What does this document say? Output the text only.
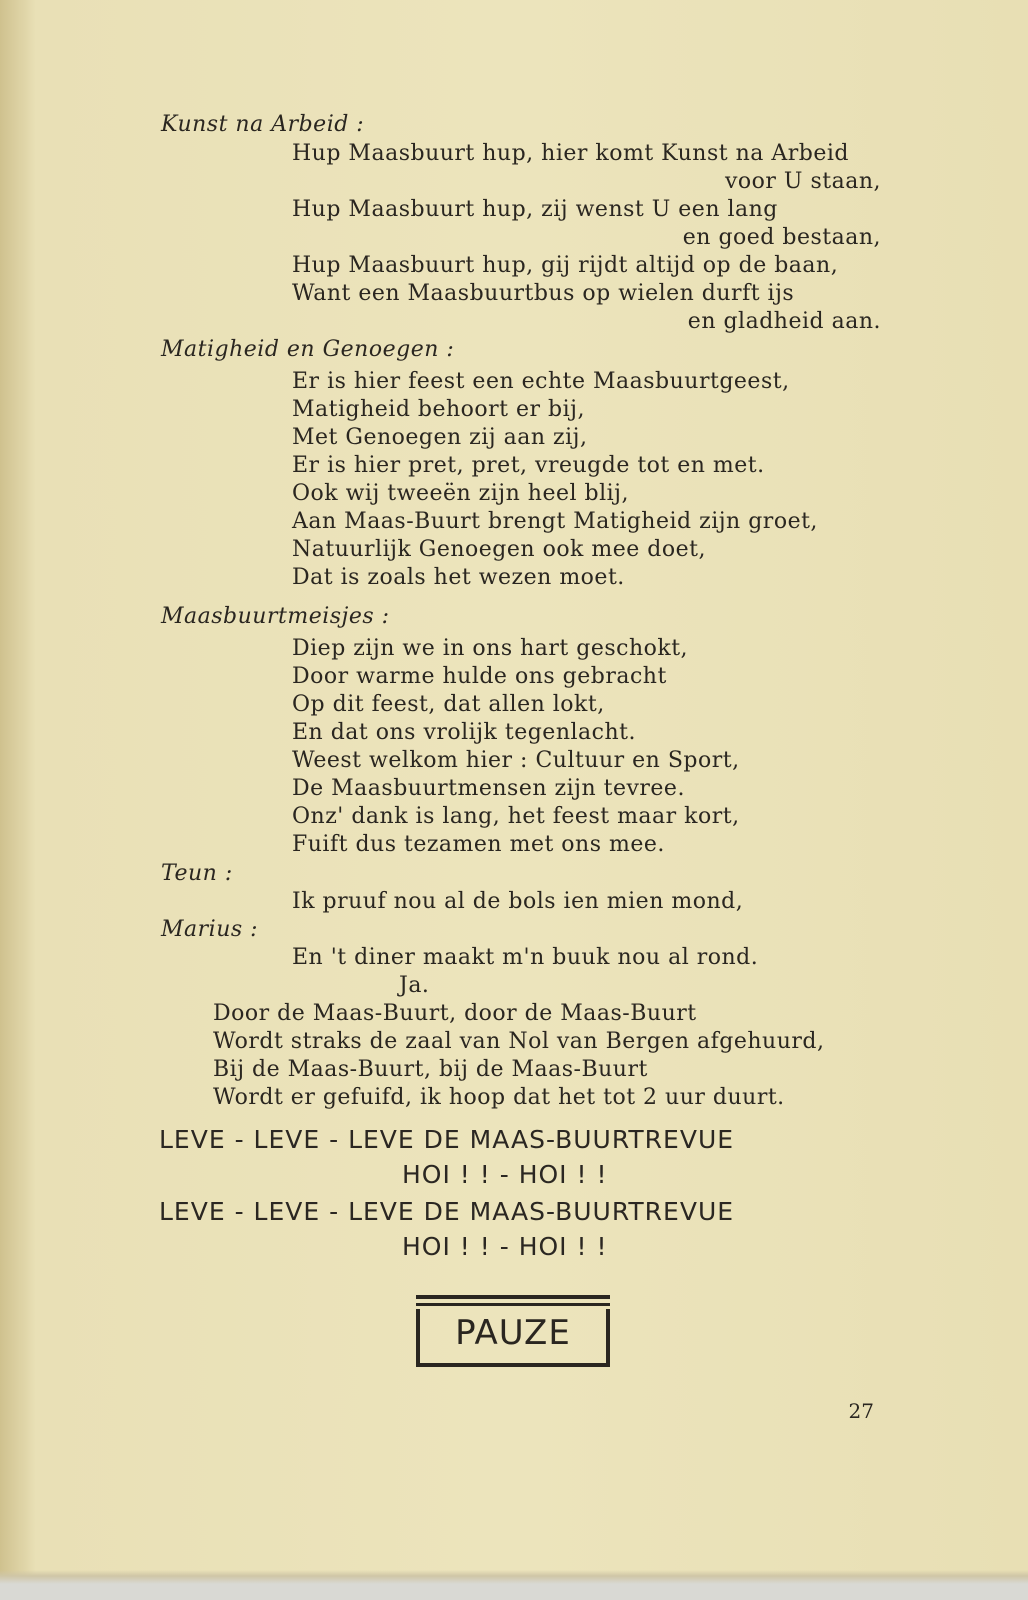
Kunst na Arbeid :
Hup Maasbuurt hup, hier komt Kunst na Arbeid
voor U staan,
Hup Maasbuurt hup, zij wenst U een lang
en goed bestaan,
Hup Maasbuurt hup, gij rijdt altijd op de baan,
Want een Maasbuurtbus op wielen durft ijs
en gladheid aan.
Matigheid en Genoegen :
Er is hier feest een echte Maasbuurtgeest,
Matigheid behoort er bij,
Met Genoegen zij aan zij,
Er is hier pret, pret, vreugde tot en met.
Ook wij tweeën zijn heel blij,
Aan Maas-Buurt brengt Matigheid zijn groet,
Natuurlijk Genoegen ook mee doet,
Dat is zoals het wezen moet.
Maasbuurtmeisjes :
Diep zijn we in ons hart geschokt,
Door warme hulde ons gebracht
Op dit feest, dat allen lokt,
En dat ons vrolijk tegenlacht.
Weest welkom hier : Cultuur en Sport,
De Maasbuurtmensen zijn tevree.
Onz' dank is lang, het feest maar kort,
Fuift dus tezamen met ons mee.
Teun :
Ik pruuf nou al de bols ien mien mond,
Marius :
En 't diner maakt m'n buuk nou al rond.
Ja.
Door de Maas-Buurt, door de Maas-Buurt
Wordt straks de zaal van Nol van Bergen afgehuurd,
Bij de Maas-Buurt, bij de Maas-Buurt
Wordt er gefuifd, ik hoop dat het tot 2 uur duurt.
LEVE - LEVE - LEVE DE MAAS-BUURTREVUE
HOI ! ! - HOI ! !
LEVE - LEVE - LEVE DE MAAS-BUURTREVUE
HOI ! ! - HOI ! !
PAUZE
27
